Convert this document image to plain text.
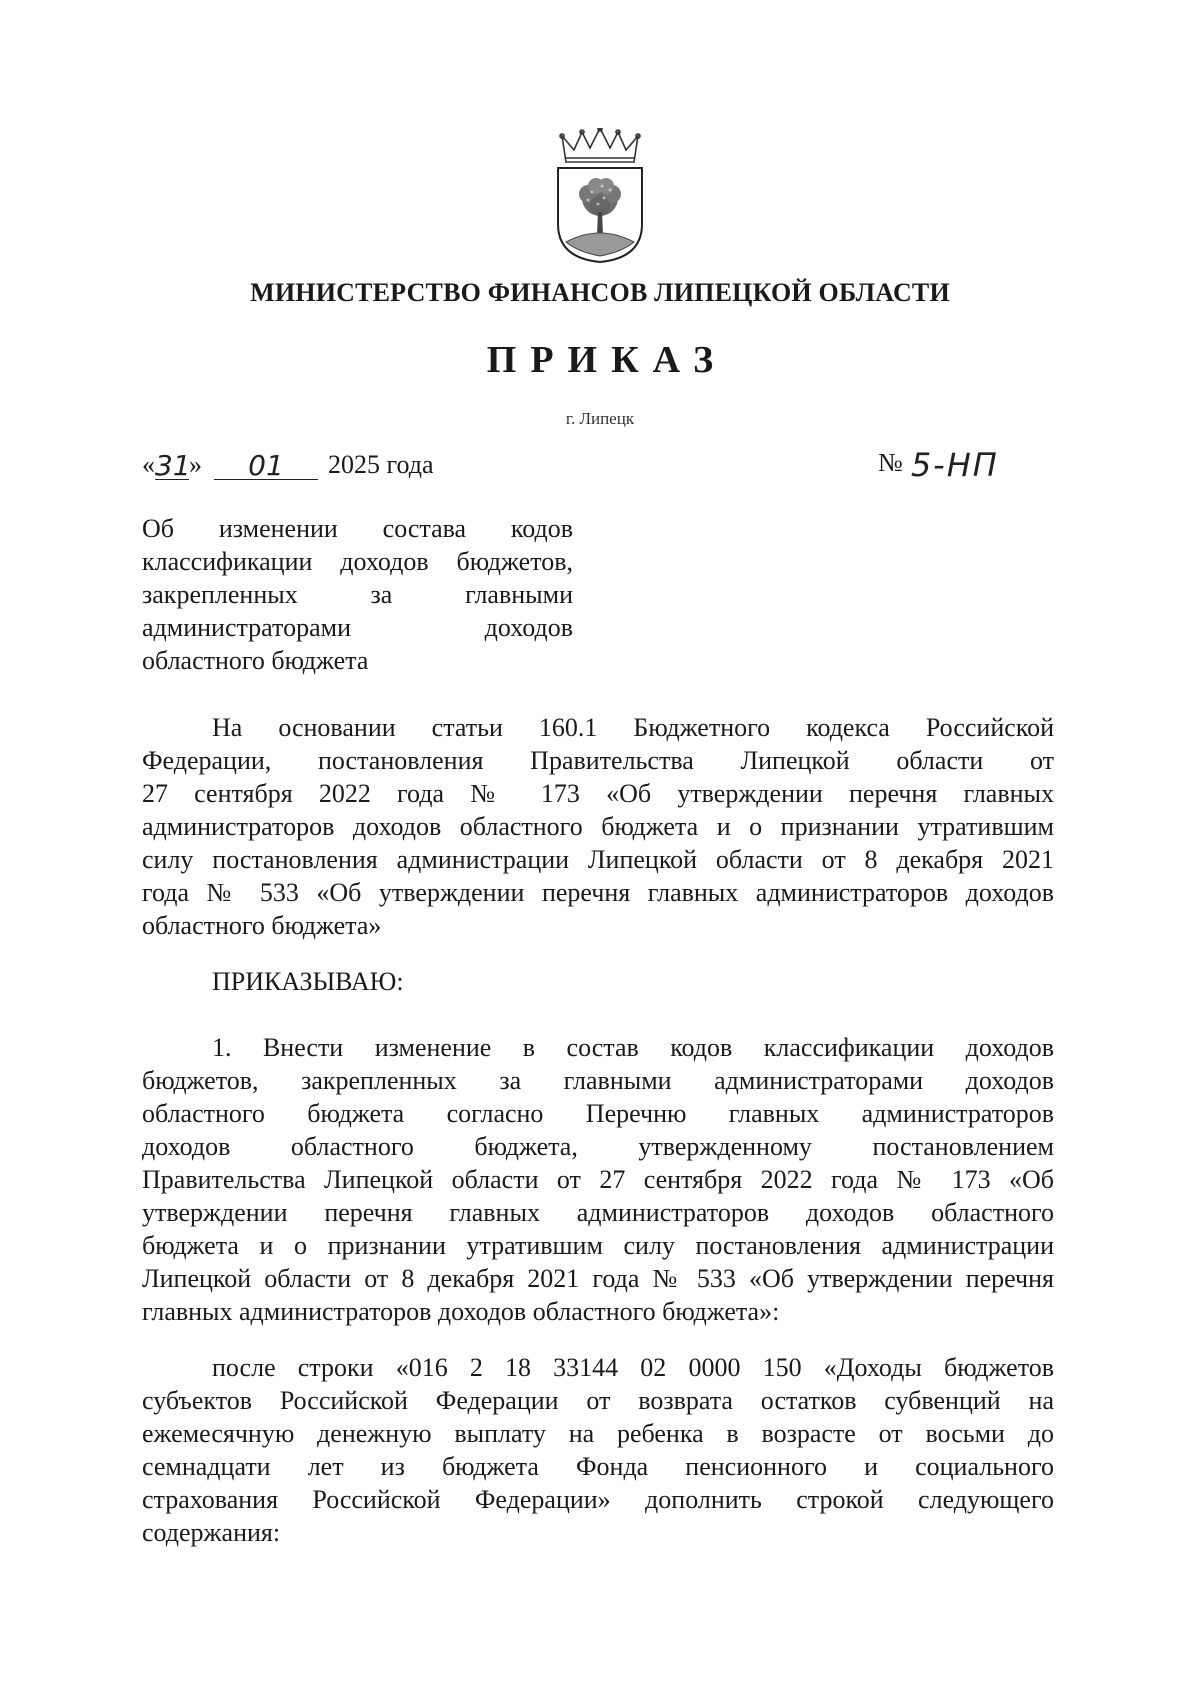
МИНИСТЕРСТВО ФИНАНСОВ ЛИПЕЦКОЙ ОБЛАСТИ
ПРИКАЗ
г. Липецк
« 31
»	01	2025 года	№ 5-НП
Об изменении состава кодов
классификации доходов бюджетов,
закрепленных за главными
администраторами доходов
областного бюджета
На основании статьи 160.1 Бюджетного кодекса Российской
Федерации, постановления Правительства Липецкой области от
27 сентября 2022 года № 173 «Об утверждении перечня главных
администраторов доходов областного бюджета и о признании утратившим
силу постановления администрации Липецкой области от 8 декабря 2021
года № 533 «Об утверждении перечня главных администраторов доходов
областного бюджета»
ПРИКАЗЫВАЮ:
1. Внести изменение в состав кодов классификации доходов
бюджетов, закрепленных за главными администраторами доходов
областного бюджета согласно Перечню главных администраторов
доходов областного бюджета, утвержденному постановлением
Правительства Липецкой области от 27 сентября 2022 года № 173 «Об
утверждении перечня главных администраторов доходов областного
бюджета и о признании утратившим силу постановления администрации
Липецкой области от 8 декабря 2021 года № 533 «Об утверждении перечня
главных администраторов доходов областного бюджета»:
после строки «016 2 18 33144 02 0000 150 «Доходы бюджетов
субъектов Российской Федерации от возврата остатков субвенций на
ежемесячную денежную выплату на ребенка в возрасте от восьми до
семнадцати лет из бюджета Фонда пенсионного и социального
страхования Российской Федерации» дополнить строкой следующего
содержания:
